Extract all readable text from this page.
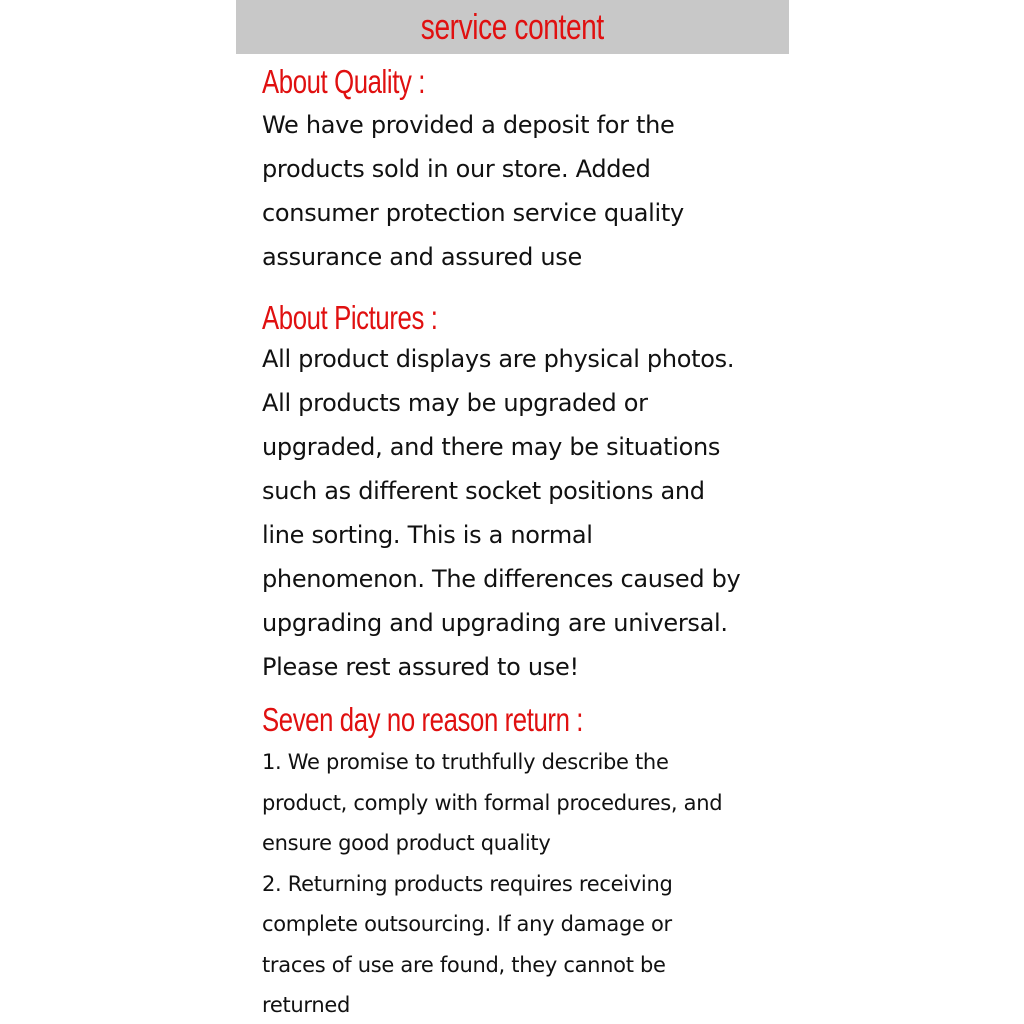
service content
About Quality :
We have provided a deposit for the
products sold in our store. Added
consumer protection service quality
assurance and assured use
About Pictures :
All product displays are physical photos.
All products may be upgraded or
upgraded, and there may be situations
such as different socket positions and
line sorting. This is a normal
phenomenon. The differences caused by
upgrading and upgrading are universal.
Please rest assured to use!
Seven day no reason return :
1. We promise to truthfully describe the
product, comply with formal procedures, and
ensure good product quality
2. Returning products requires receiving
complete outsourcing. If any damage or
traces of use are found, they cannot be
returned
